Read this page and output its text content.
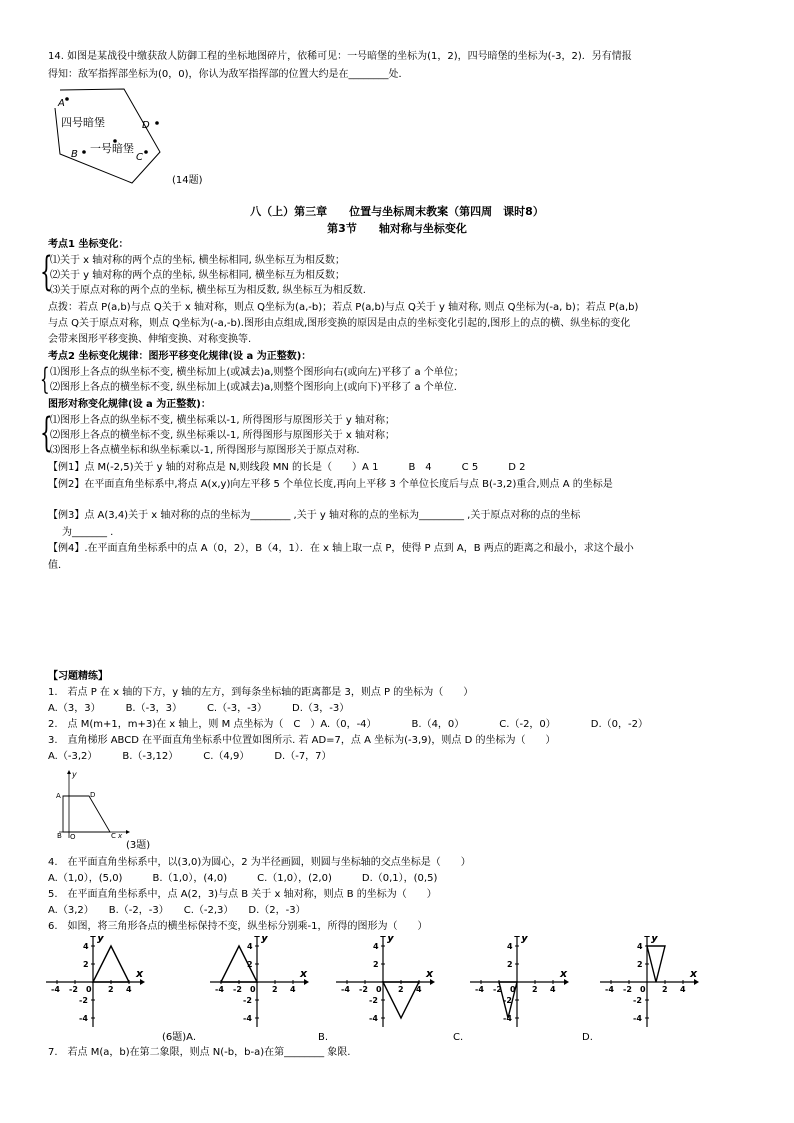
14. 如图是某战役中缴获敌人防御工程的坐标地图碎片，依稀可见：一号暗堡的坐标为(1，2)，四号暗堡的坐标为(-3，2)．另有情报
得知：敌军指挥部坐标为(0，0)，你认为敌军指挥部的位置大约是在________处．
A
四号暗堡	D
B 一号暗堡
C
(14题)
八（上）第三章　　位置与坐标周末教案（第四周　课时8）
第3节　　轴对称与坐标变化
考点1 坐标变化：
{
⑴关于 x 轴对称的两个点的坐标, 横坐标相同, 纵坐标互为相反数；
⑵关于 y 轴对称的两个点的坐标, 纵坐标相同, 横坐标互为相反数；
⑶关于原点对称的两个点的坐标, 横坐标互为相反数, 纵坐标互为相反数.
点拨：若点 P(a,b)与点 Q关于 x 轴对称，则点 Q坐标为(a,-b)；若点 P(a,b)与点 Q关于 y 轴对称, 则点 Q坐标为(-a, b)；若点 P(a,b)
与点 Q关于原点对称，则点 Q坐标为(-a,-b).图形由点组成,图形变换的原因是由点的坐标变化引起的,图形上的点的横、纵坐标的变化
会带来图形平移变换、伸缩变换、对称变换等.
考点2 坐标变化规律：图形平移变化规律(设 a 为正整数)：
{ ⑴图形上各点的纵坐标不变, 横坐标加上(或减去)a,则整个图形向右(或向左)平移了 a 个单位；
⑵图形上各点的横坐标不变, 纵坐标加上(或减去)a,则整个图形向上(或向下)平移了 a 个单位.
图形对称变化规律(设 a 为正整数)：
{
⑴图形上各点的纵坐标不变, 横坐标乘以-1, 所得图形与原图形关于 y 轴对称；
⑵图形上各点的横坐标不变, 纵坐标乘以-1, 所得图形与原图形关于 x 轴对称；
⑶图形上各点横坐标和纵坐标乘以-1, 所得图形与原图形关于原点对称.
【例1】点 M(-2,5)关于 y 轴的对称点是 N,则线段 MN 的长是（　　）A 1　　　B　4　　　C 5　　　D 2
【例2】在平面直角坐标系中,将点 A(x,y)向左平移 5 个单位长度,再向上平移 3 个单位长度后与点 B(-3,2)重合,则点 A 的坐标是
【例3】点 A(3,4)关于 x 轴对称的点的坐标为________ ,关于 y 轴对称的点的坐标为_________ ,关于原点对称的点的坐标
为_______ .
【例4】.在平面直角坐标系中的点 A（0，2），B（4，1）．在 x 轴上取一点 P，使得 P 点到 A，B 两点的距离之和最小，求这个最小
值．
【习题精练】
1.　若点 P 在 x 轴的下方，y 轴的左方，到每条坐标轴的距离都是 3，则点 P 的坐标为（　　）
A.（3，3）　　　B.（-3，3）　　　C.（-3，-3）　　　D.（3，-3）
2.　点 M(m+1，m+3)在 x 轴上，则 M 点坐标为（　C　）A.（0，-4）　　　　B.（4，0）　　　　C.（-2，0）　　　　D.（0，-2）
3.　直角梯形 ABCD 在平面直角坐标系中位置如图所示. 若 AD=7，点 A 坐标为(-3,9)，则点 D 的坐标为（　　）
A.（-3,2）　　　B.（-3,12）　　　C.（4,9）　　　D.（-7，7）
y
A	D
B O	C x
(3题)
4.　在平面直角坐标系中，以(3,0)为圆心，2 为半径画圆，则圆与坐标轴的交点坐标是（　　）
A.（1,0），(5,0)　　　B.（1,0），(4,0)　　　C.（1,0），(2,0)　　　D.（0,1），(0,5)
5.　在平面直角坐标系中，点 A(2，3)与点 B 关于 x 轴对称，则点 B 的坐标为（　　）
A.（3,2）　　B.（-2，-3）　　C.（-2,3）　　D.（2，-3）
6.　如图，将三角形各点的横坐标保持不变，纵坐标分别乘-1，所得的图形为（　　）
y
x
-4 -2 0 2 4
4
2
-2
-4
y
x
-4 -2 0 2 4
4
2
-2
-4
y
x
-4 -2 0 2 4
4
2
-2
-4
y
x
-4 -2 0 2 4
4
2
-2
-4
y
x
-4 -2 0 2 4
4
2
-2
-4
(6题)A.	B.	C.	D.
7.　若点 M(a，b)在第二象限，则点 N(-b，b-a)在第________ 象限.
